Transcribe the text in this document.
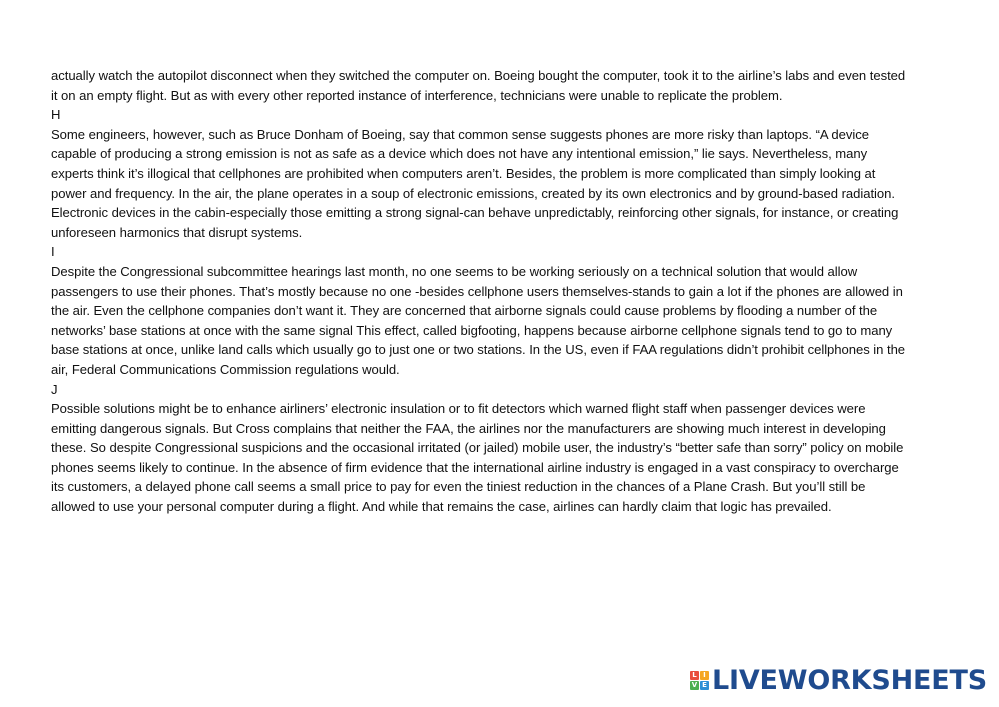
actually watch the autopilot disconnect when they switched the computer on. Boeing bought the computer, took it to the airline’s labs and even tested it on an empty flight. But as with every other reported instance of interference, technicians were unable to replicate the problem.

H

Some engineers, however, such as Bruce Donham of Boeing, say that common sense suggests phones are more risky than laptops. “A device capable of producing a strong emission is not as safe as a device which does not have any intentional emission,” lie says. Nevertheless, many experts think it’s illogical that cellphones are prohibited when computers aren’t. Besides, the problem is more complicated than simply looking at power and frequency. In the air, the plane operates in a soup of electronic emissions, created by its own electronics and by ground-based radiation. Electronic devices in the cabin-especially those emitting a strong signal-can behave unpredictably, reinforcing other signals, for instance, or creating unforeseen harmonics that disrupt systems.

I

Despite the Congressional subcommittee hearings last month, no one seems to be working seriously on a technical solution that would allow passengers to use their phones. That’s mostly because no one -besides cellphone users themselves-stands to gain a lot if the phones are allowed in the air. Even the cellphone companies don’t want it. They are concerned that airborne signals could cause problems by flooding a number of the networks’ base stations at once with the same signal This effect, called bigfooting, happens because airborne cellphone signals tend to go to many base stations at once, unlike land calls which usually go to just one or two stations. In the US, even if FAA regulations didn’t prohibit cellphones in the air, Federal Communications Commission regulations would.

J

Possible solutions might be to enhance airliners’ electronic insulation or to fit detectors which warned flight staff when passenger devices were emitting dangerous signals. But Cross complains that neither the FAA, the airlines nor the manufacturers are showing much interest in developing these. So despite Congressional suspicions and the occasional irritated (or jailed) mobile user, the industry’s “better safe than sorry” policy on mobile phones seems likely to continue. In the absence of firm evidence that the international airline industry is engaged in a vast conspiracy to overcharge its customers, a delayed phone call seems a small price to pay for even the tiniest reduction in the chances of a Plane Crash. But you’ll still be allowed to use your personal computer during a flight. And while that remains the case, airlines can hardly claim that logic has prevailed.

L I
V E LIVEWORKSHEETS
